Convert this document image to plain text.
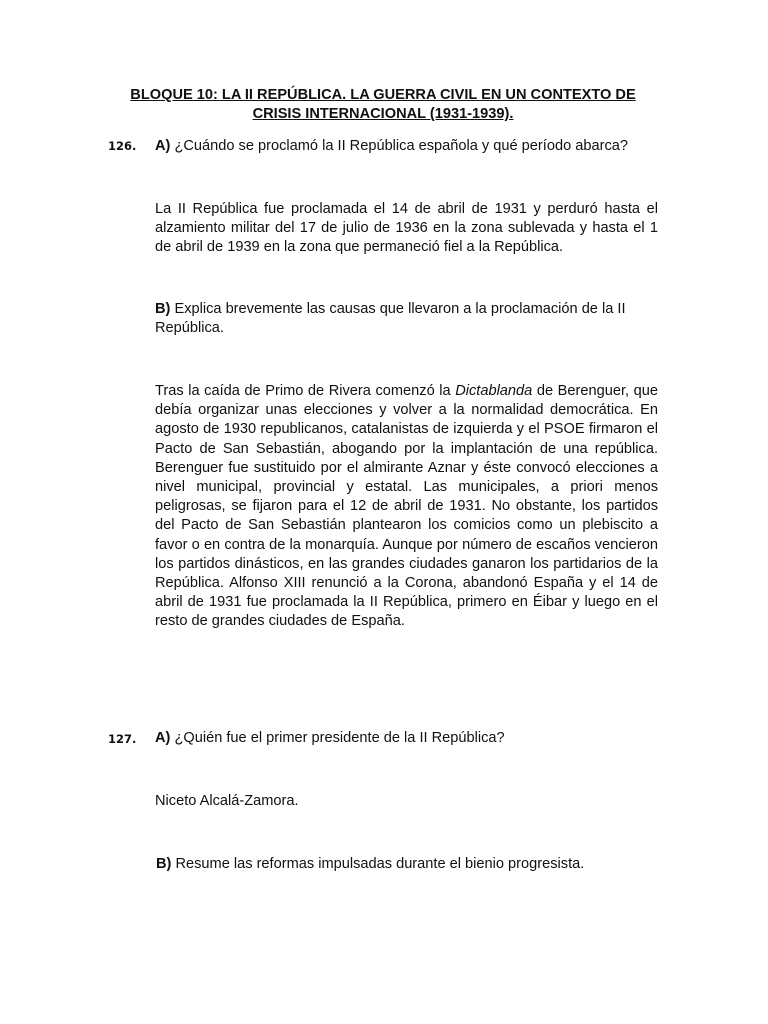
BLOQUE 10: LA II REPÚBLICA. LA GUERRA CIVIL EN UN CONTEXTO DE
CRISIS INTERNACIONAL (1931-1939).
126. A) ¿Cuándo se proclamó la II República española y qué período abarca?
La II República fue proclamada el 14 de abril de 1931 y perduró hasta el alzamiento militar del 17 de julio de 1936 en la zona sublevada y hasta el 1 de abril de 1939 en la zona que permaneció fiel a la República.
B) Explica brevemente las causas que llevaron a la proclamación de la II República.
Tras la caída de Primo de Rivera comenzó la Dictablanda de Berenguer, que debía organizar unas elecciones y volver a la normalidad democrática. En agosto de 1930 republicanos, catalanistas de izquierda y el PSOE firmaron el Pacto de San Sebastián, abogando por la implantación de una república. Berenguer fue sustituido por el almirante Aznar y éste convocó elecciones a nivel municipal, provincial y estatal. Las municipales, a priori menos peligrosas, se fijaron para el 12 de abril de 1931. No obstante, los partidos del Pacto de San Sebastián plantearon los comicios como un plebiscito a favor o en contra de la monarquía. Aunque por número de escaños vencieron los partidos dinásticos, en las grandes ciudades ganaron los partidarios de la República. Alfonso XIII renunció a la Corona, abandonó España y el 14 de abril de 1931 fue proclamada la II República, primero en Éibar y luego en el resto de grandes ciudades de España.
127. A) ¿Quién fue el primer presidente de la II República?
Niceto Alcalá-Zamora.
B) Resume las reformas impulsadas durante el bienio progresista.
